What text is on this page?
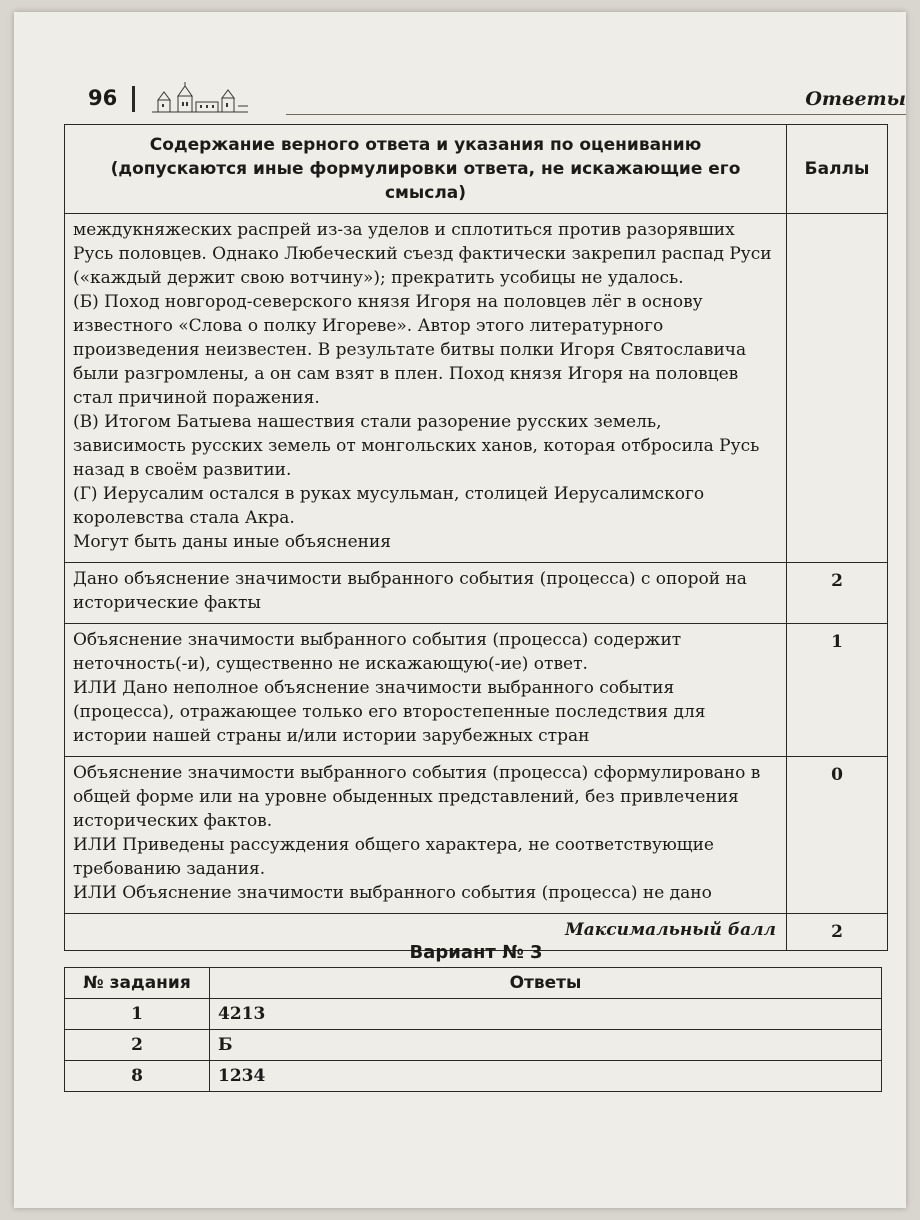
96	Ответы
Содержание верного ответа и указания по оцениванию
(допускаются иные формулировки ответа, не искажающие его смысла)	Баллы

междукняжеских распрей из-за уделов и сплотиться против разорявших Русь половцев. Однако Любеческий съезд фактически закрепил распад Руси («каждый держит свою вотчину»); прекратить усобицы не удалось.

(Б) Поход новгород-северского князя Игоря на половцев лёг в основу известного «Слова о полку Игореве». Автор этого литературного произведения неизвестен. В результате битвы полки Игоря Святославича были разгромлены, а он сам взят в плен. Поход князя Игоря на половцев стал причиной поражения.

(В) Итогом Батыева нашествия стали разорение русских земель, зависимость русских земель от монгольских ханов, которая отбросила Русь назад в своём развитии.

(Г) Иерусалим остался в руках мусульман, столицей Иерусалимского королевства стала Акра.

Могут быть даны иные объяснения	

Дано объяснение значимости выбранного события (процесса) с опорой на исторические факты	2

Объяснение значимости выбранного события (процесса) содержит неточность(-и), существенно не искажающую(-ие) ответ.

ИЛИ Дано неполное объяснение значимости выбранного события (процесса), отражающее только его второстепенные последствия для истории нашей страны и/или истории зарубежных стран	1

Объяснение значимости выбранного события (процесса) сформулировано в общей форме или на уровне обыденных представлений, без привлечения исторических фактов.

ИЛИ Приведены рассуждения общего характера, не соответствующие требованию задания.

ИЛИ Объяснение значимости выбранного события (процесса) не дано	0
Максимальный балл	2
Вариант № 3
№ задания	Ответы
1	4213
2	Б
8	1234
